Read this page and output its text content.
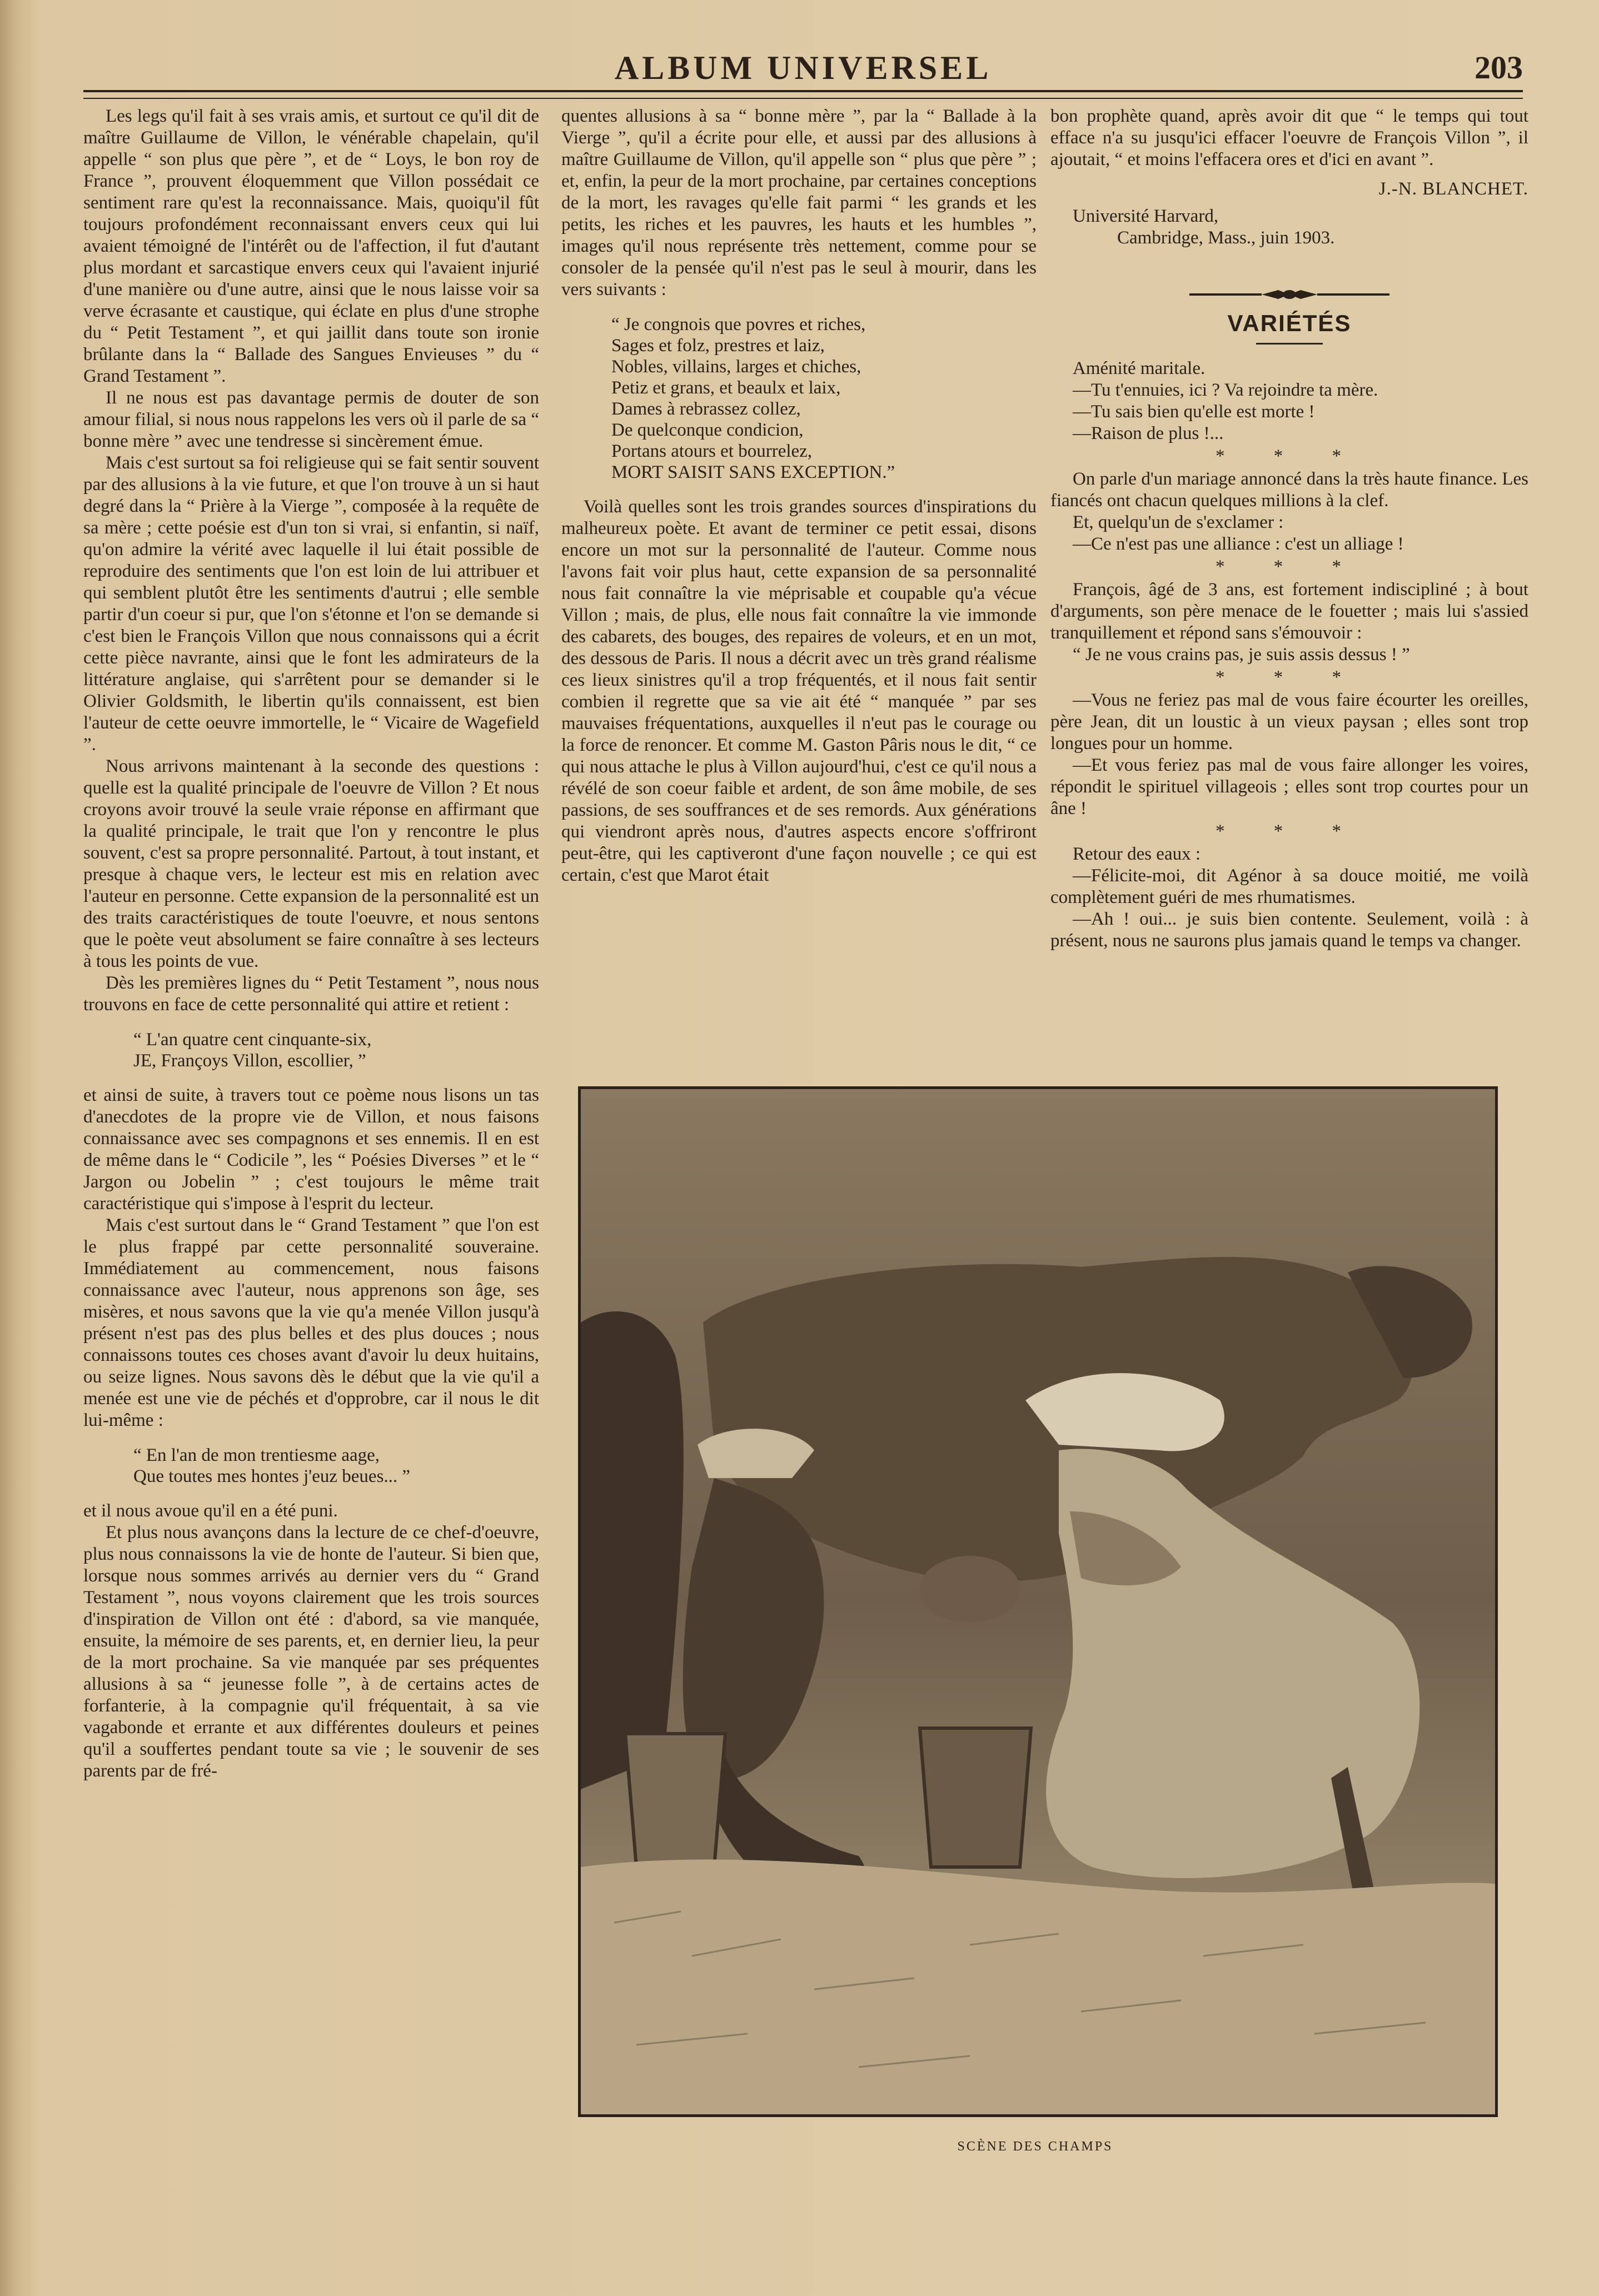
ALBUM UNIVERSEL	203

Les legs qu'il fait à ses vrais amis, et surtout ce qu'il dit de maître Guillaume de Villon, le vénérable chapelain, qu'il appelle “ son plus que père ”, et de “ Loys, le bon roy de France ”, prouvent éloquemment que Villon possédait ce sentiment rare qu'est la reconnaissance. Mais, quoiqu'il fût toujours profondément reconnaissant envers ceux qui lui avaient témoigné de l'intérêt ou de l'affection, il fut d'autant plus mordant et sarcastique envers ceux qui l'avaient injurié d'une manière ou d'une autre, ainsi que le nous laisse voir sa verve écrasante et caustique, qui éclate en plus d'une strophe du “ Petit Testament ”, et qui jaillit dans toute son ironie brûlante dans la “ Ballade des Sangues Envieuses ” du “ Grand Testament ”.

Il ne nous est pas davantage permis de douter de son amour filial, si nous nous rappelons les vers où il parle de sa “ bonne mère ” avec une tendresse si sincèrement émue.

Mais c'est surtout sa foi religieuse qui se fait sentir souvent par des allusions à la vie future, et que l'on trouve à un si haut degré dans la “ Prière à la Vierge ”, composée à la requête de sa mère ; cette poésie est d'un ton si vrai, si enfantin, si naïf, qu'on admire la vérité avec laquelle il lui était possible de reproduire des sentiments que l'on est loin de lui attribuer et qui semblent plutôt être les sentiments d'autrui ; elle semble partir d'un coeur si pur, que l'on s'étonne et l'on se demande si c'est bien le François Villon que nous connaissons qui a écrit cette pièce navrante, ainsi que le font les admirateurs de la littérature anglaise, qui s'arrêtent pour se demander si le Olivier Goldsmith, le libertin qu'ils connaissent, est bien l'auteur de cette oeuvre immortelle, le “ Vicaire de Wagefield ”.

Nous arrivons maintenant à la seconde des questions : quelle est la qualité principale de l'oeuvre de Villon ? Et nous croyons avoir trouvé la seule vraie réponse en affirmant que la qualité principale, le trait que l'on y rencontre le plus souvent, c'est sa propre personnalité. Partout, à tout instant, et presque à chaque vers, le lecteur est mis en relation avec l'auteur en personne. Cette expansion de la personnalité est un des traits caractéristiques de toute l'oeuvre, et nous sentons que le poète veut absolument se faire connaître à ses lecteurs à tous les points de vue.

Dès les premières lignes du “ Petit Testament ”, nous nous trouvons en face de cette personnalité qui attire et retient :

“ L'an quatre cent cinquante-six,
JE, Françoys Villon, escollier, ”

et ainsi de suite, à travers tout ce poème nous lisons un tas d'anecdotes de la propre vie de Villon, et nous faisons connaissance avec ses compagnons et ses ennemis. Il en est de même dans le “ Codicile ”, les “ Poésies Diverses ” et le “ Jargon ou Jobelin ” ; c'est toujours le même trait caractéristique qui s'impose à l'esprit du lecteur.

Mais c'est surtout dans le “ Grand Testament ” que l'on est le plus frappé par cette personnalité souveraine. Immédiatement au commencement, nous faisons connaissance avec l'auteur, nous apprenons son âge, ses misères, et nous savons que la vie qu'a menée Villon jusqu'à présent n'est pas des plus belles et des plus douces ; nous connaissons toutes ces choses avant d'avoir lu deux huitains, ou seize lignes. Nous savons dès le début que la vie qu'il a menée est une vie de péchés et d'opprobre, car il nous le dit lui-même :

“ En l'an de mon trentiesme aage,
Que toutes mes hontes j'euz beues... ”

et il nous avoue qu'il en a été puni.

Et plus nous avançons dans la lecture de ce chef-d'oeuvre, plus nous connaissons la vie de honte de l'auteur. Si bien que, lorsque nous sommes arrivés au dernier vers du “ Grand Testament ”, nous voyons clairement que les trois sources d'inspiration de Villon ont été : d'abord, sa vie manquée, ensuite, la mémoire de ses parents, et, en dernier lieu, la peur de la mort prochaine. Sa vie manquée par ses préquentes allusions à sa “ jeunesse folle ”, à de certains actes de forfanterie, à la compagnie qu'il fréquentait, à sa vie vagabonde et errante et aux différentes douleurs et peines qu'il a souffertes pendant toute sa vie ; le souvenir de ses parents par de fré-

quentes allusions à sa “ bonne mère ”, par la “ Ballade à la Vierge ”, qu'il a écrite pour elle, et aussi par des allusions à maître Guillaume de Villon, qu'il appelle son “ plus que père ” ; et, enfin, la peur de la mort prochaine, par certaines conceptions de la mort, les ravages qu'elle fait parmi “ les grands et les petits, les riches et les pauvres, les hauts et les humbles ”, images qu'il nous représente très nettement, comme pour se consoler de la pensée qu'il n'est pas le seul à mourir, dans les vers suivants :

“ Je congnois que povres et riches,
Sages et folz, prestres et laiz,
Nobles, villains, larges et chiches,
Petiz et grans, et beaulx et laix,
Dames à rebrassez collez,
De quelconque condicion,
Portans atours et bourrelez,
MORT SAISIT SANS EXCEPTION.”

Voilà quelles sont les trois grandes sources d'inspirations du malheureux poète. Et avant de terminer ce petit essai, disons encore un mot sur la personnalité de l'auteur. Comme nous l'avons fait voir plus haut, cette expansion de sa personnalité nous fait connaître la vie méprisable et coupable qu'a vécue Villon ; mais, de plus, elle nous fait connaître la vie immonde des cabarets, des bouges, des repaires de voleurs, et en un mot, des dessous de Paris. Il nous a décrit avec un très grand réalisme ces lieux sinistres qu'il a trop fréquentés, et il nous fait sentir combien il regrette que sa vie ait été “ manquée ” par ses mauvaises fréquentations, auxquelles il n'eut pas le courage ou la force de renoncer. Et comme M. Gaston Pâris nous le dit, “ ce qui nous attache le plus à Villon aujourd'hui, c'est ce qu'il nous a révélé de son coeur faible et ardent, de son âme mobile, de ses passions, de ses souffrances et de ses remords. Aux générations qui viendront après nous, d'autres aspects encore s'offriront peut-être, qui les captiveront d'une façon nouvelle ; ce qui est certain, c'est que Marot était

bon prophète quand, après avoir dit que “ le temps qui tout efface n'a su jusqu'ici effacer l'oeuvre de François Villon ”, il ajoutait, “ et moins l'effacera ores et d'ici en avant ”.

J.-N. BLANCHET.
Université Harvard,
Cambridge, Mass., juin 1903.
VARIÉTÉS

Aménité maritale.

—Tu t'ennuies, ici ? Va rejoindre ta mère.

—Tu sais bien qu'elle est morte !

—Raison de plus !...

* * *

On parle d'un mariage annoncé dans la très haute finance. Les fiancés ont chacun quelques millions à la clef.

Et, quelqu'un de s'exclamer :

—Ce n'est pas une alliance : c'est un alliage !

* * *

François, âgé de 3 ans, est fortement indiscipliné ; à bout d'arguments, son père menace de le fouetter ; mais lui s'assied tranquillement et répond sans s'émouvoir :

“ Je ne vous crains pas, je suis assis dessus ! ”

* * *

—Vous ne feriez pas mal de vous faire écourter les oreilles, père Jean, dit un loustic à un vieux paysan ; elles sont trop longues pour un homme.

—Et vous feriez pas mal de vous faire allonger les voires, répondit le spirituel villageois ; elles sont trop courtes pour un âne !

* * *

Retour des eaux :

—Félicite-moi, dit Agénor à sa douce moitié, me voilà complètement guéri de mes rhumatismes.

—Ah ! oui... je suis bien contente. Seulement, voilà : à présent, nous ne saurons plus jamais quand le temps va changer.

SCÈNE DES CHAMPS
